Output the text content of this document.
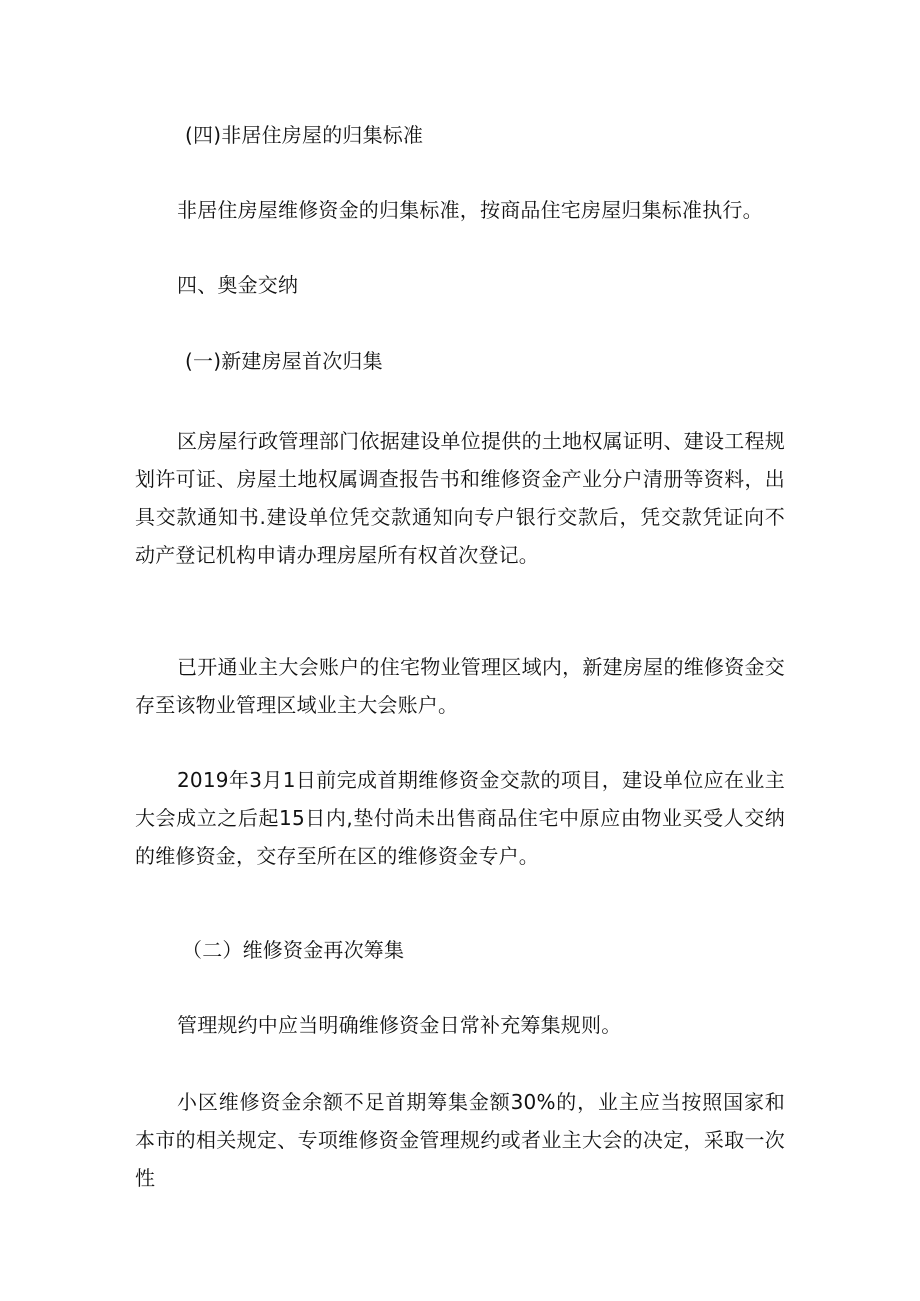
(四)非居住房屋的归集标准
非居住房屋维修资金的归集标准，按商品住宅房屋归集标准执行。
四、奥金交纳
(一)新建房屋首次归集
区房屋行政管理部门依据建设单位提供的土地权属证明、建设工程规划许可证、房屋土地权属调查报告书和维修资金产业分户清册等资料，出具交款通知书.建设单位凭交款通知向专户银行交款后，凭交款凭证向不动产登记机构申请办理房屋所有权首次登记。
已开通业主大会账户的住宅物业管理区域内，新建房屋的维修资金交存至该物业管理区域业主大会账户。
2019年3月1日前完成首期维修资金交款的项目，建设单位应在业主大会成立之后起15日内,垫付尚未出售商品住宅中原应由物业买受人交纳的维修资金，交存至所在区的维修资金专户。
（二）维修资金再次筹集
管理规约中应当明确维修资金日常补充筹集规则。
小区维修资金余额不足首期筹集金额30%的，业主应当按照国家和本市的相关规定、专项维修资金管理规约或者业主大会的决定，采取一次性
